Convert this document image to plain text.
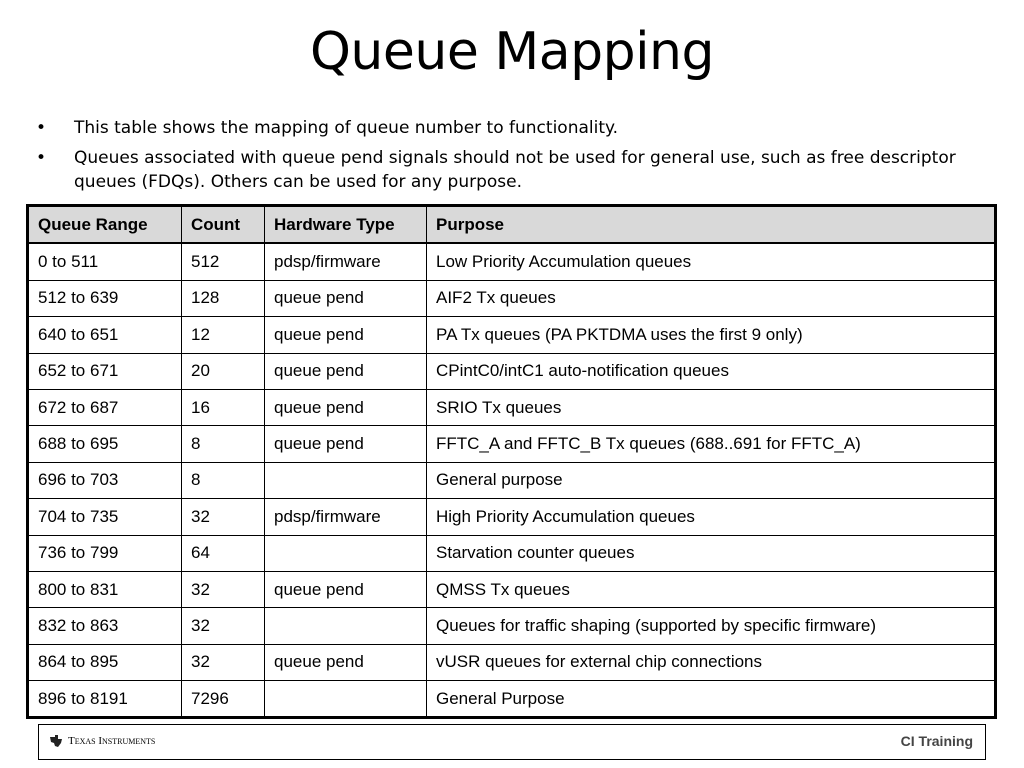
Queue Mapping
• This table shows the mapping of queue number to functionality.
• Queues associated with queue pend signals should not be used for general use, such as free descriptor queues (FDQs). Others can be used for any purpose.
Queue Range	Count	Hardware Type	Purpose
0 to 511	512	pdsp/firmware	Low Priority Accumulation queues
512 to 639	128	queue pend	AIF2 Tx queues
640 to 651	12	queue pend	PA Tx queues (PA PKTDMA uses the first 9 only)
652 to 671	20	queue pend	CPintC0/intC1 auto-notification queues
672 to 687	16	queue pend	SRIO Tx queues
688 to 695	8	queue pend	FFTC_A and FFTC_B Tx queues (688..691 for FFTC_A)
696 to 703	8		General purpose
704 to 735	32	pdsp/firmware	High Priority Accumulation queues
736 to 799	64		Starvation counter queues
800 to 831	32	queue pend	QMSS Tx queues
832 to 863	32		Queues for traffic shaping (supported by specific firmware)
864 to 895	32	queue pend	vUSR queues for external chip connections
896 to 8191	7296		General Purpose
Texas Instruments	CI Training
